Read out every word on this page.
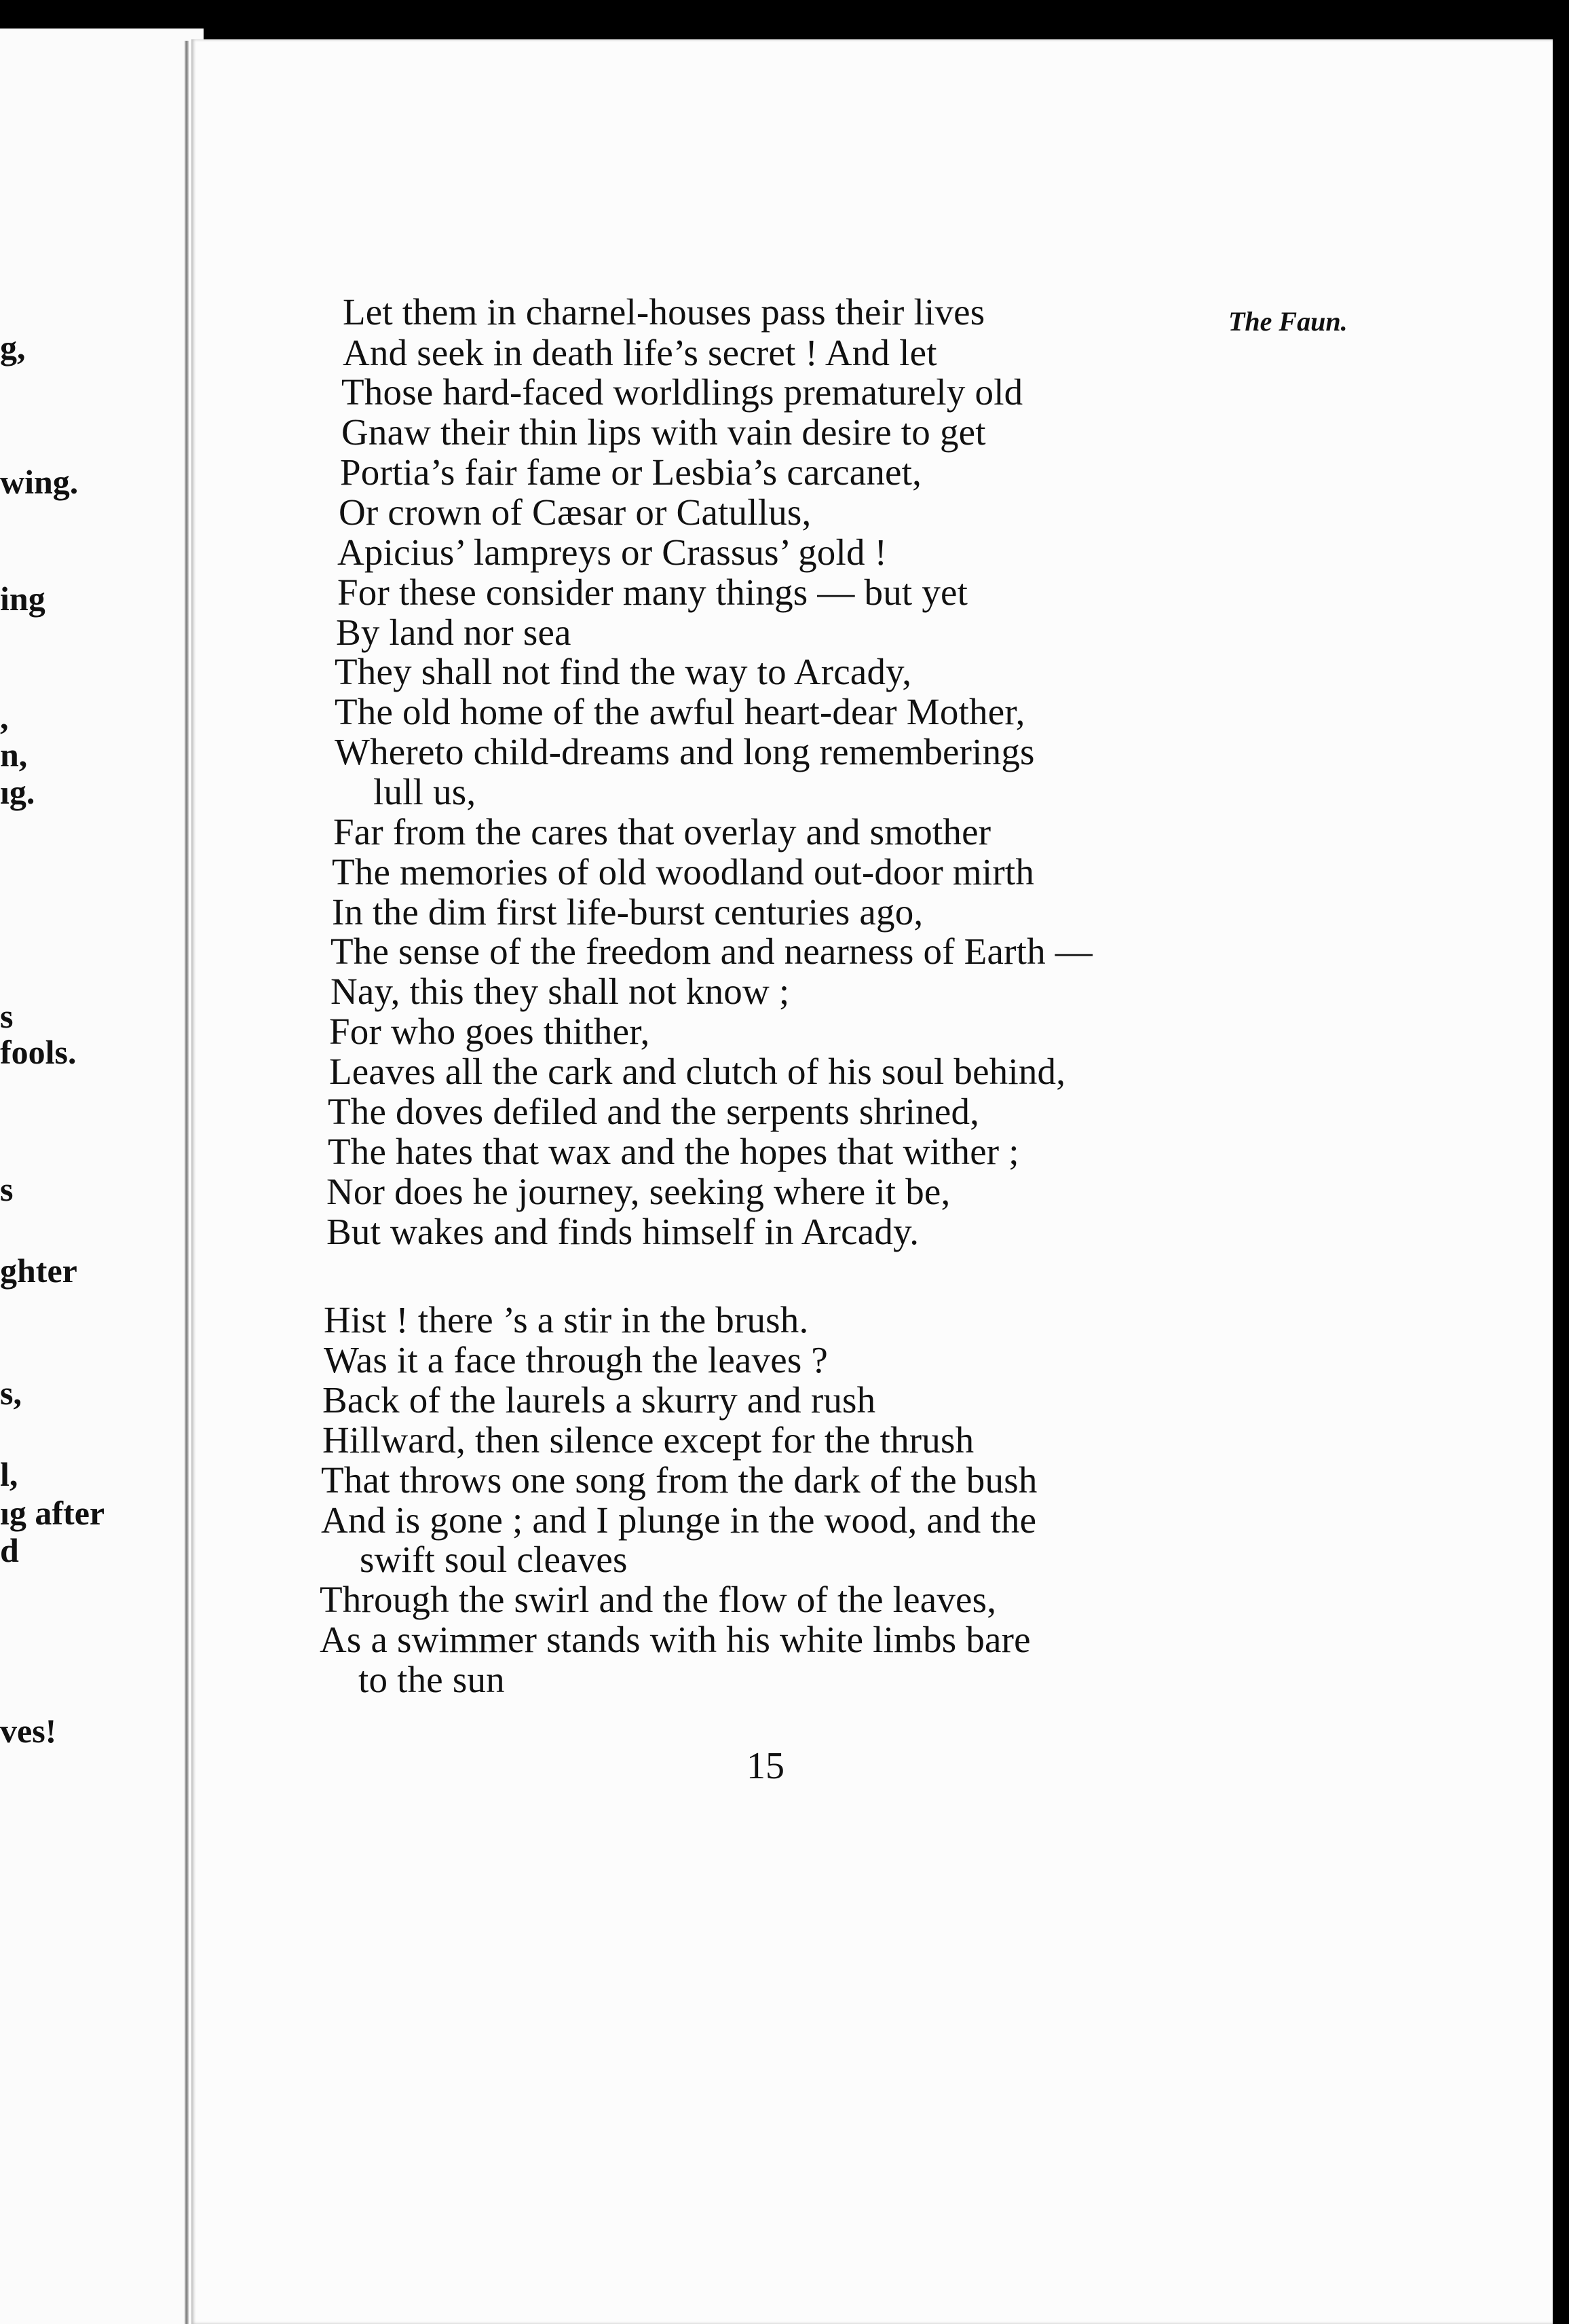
g,
wing.
ing
,
n,
ıg.
s
fools.
s
ghter
s,
l,
ıg after
d
ves!
The Faun.
Let them in charnel-houses pass their lives
And seek in death life’s secret ! And let
Those hard-faced worldlings prematurely old
Gnaw their thin lips with vain desire to get
Portia’s fair fame or Lesbia’s carcanet,
Or crown of Cæsar or Catullus,
Apicius’ lampreys or Crassus’ gold !
For these consider many things — but yet
By land nor sea
They shall not find the way to Arcady,
The old home of the awful heart-dear Mother,
Whereto child-dreams and long rememberings
lull us,
Far from the cares that overlay and smother
The memories of old woodland out-door mirth
In the dim first life-burst centuries ago,
The sense of the freedom and nearness of Earth —
Nay, this they shall not know ;
For who goes thither,
Leaves all the cark and clutch of his soul behind,
The doves defiled and the serpents shrined,
The hates that wax and the hopes that wither ;
Nor does he journey, seeking where it be,
But wakes and finds himself in Arcady.
Hist ! there ’s a stir in the brush.
Was it a face through the leaves ?
Back of the laurels a skurry and rush
Hillward, then silence except for the thrush
That throws one song from the dark of the bush
And is gone ; and I plunge in the wood, and the
swift soul cleaves
Through the swirl and the flow of the leaves,
As a swimmer stands with his white limbs bare
to the sun
15
